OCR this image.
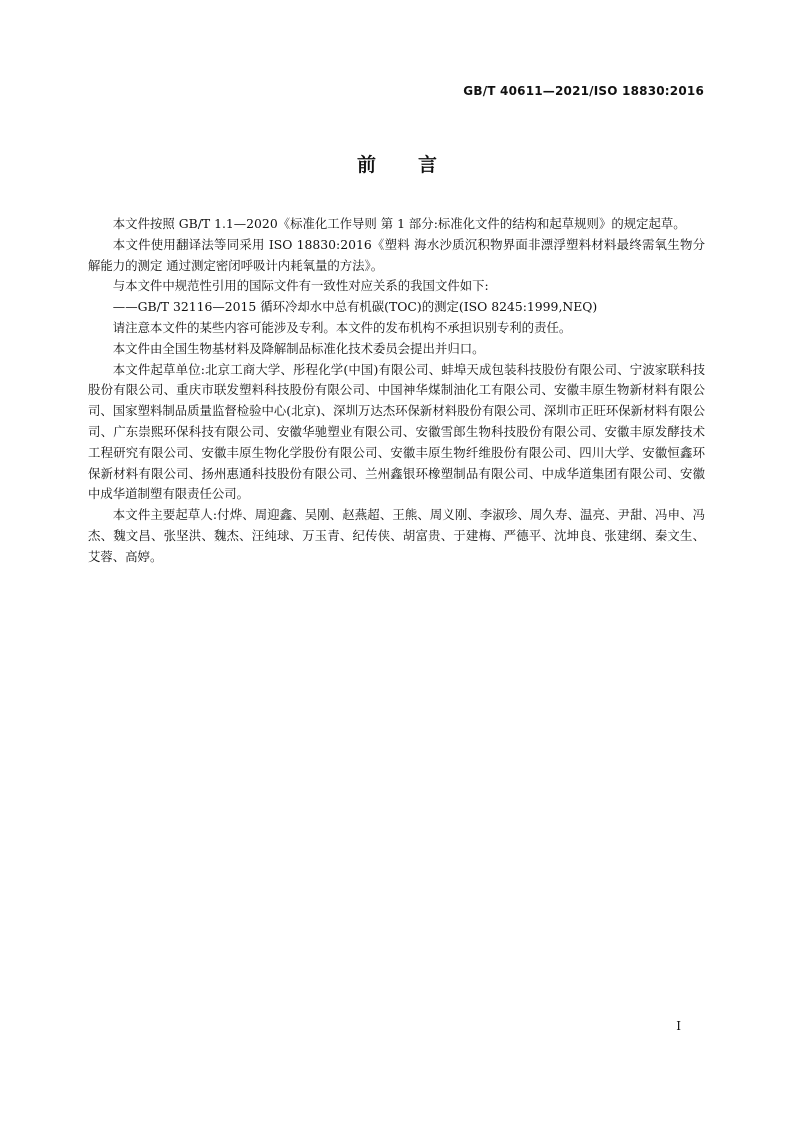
GB/T 40611—2021/ISO 18830:2016
前 言

本文件按照 GB/T 1.1—2020《标准化工作导则 第 1 部分:标准化文件的结构和起草规则》的规定起草。

本文件使用翻译法等同采用 ISO 18830:2016《塑料 海水沙质沉积物界面非漂浮塑料材料最终需氧生物分解能力的测定 通过测定密闭呼吸计内耗氧量的方法》。

与本文件中规范性引用的国际文件有一致性对应关系的我国文件如下:

——GB/T 32116—2015 循环冷却水中总有机碳(TOC)的测定(ISO 8245:1999,NEQ)

请注意本文件的某些内容可能涉及专利。本文件的发布机构不承担识别专利的责任。

本文件由全国生物基材料及降解制品标准化技术委员会提出并归口。

本文件起草单位:北京工商大学、彤程化学(中国)有限公司、蚌埠天成包装科技股份有限公司、宁波家联科技股份有限公司、重庆市联发塑料科技股份有限公司、中国神华煤制油化工有限公司、安徽丰原生物新材料有限公司、国家塑料制品质量监督检验中心(北京)、深圳万达杰环保新材料股份有限公司、深圳市正旺环保新材料有限公司、广东崇熙环保科技有限公司、安徽华驰塑业有限公司、安徽雪郎生物科技股份有限公司、安徽丰原发酵技术工程研究有限公司、安徽丰原生物化学股份有限公司、安徽丰原生物纤维股份有限公司、四川大学、安徽恒鑫环保新材料有限公司、扬州惠通科技股份有限公司、兰州鑫银环橡塑制品有限公司、中成华道集团有限公司、安徽中成华道制塑有限责任公司。

本文件主要起草人:付烨、周迎鑫、吴刚、赵燕超、王熊、周义刚、李淑珍、周久寿、温亮、尹甜、冯申、冯杰、魏文昌、张坚洪、魏杰、汪纯球、万玉青、纪传侠、胡富贵、于建梅、严德平、沈坤良、张建纲、秦文生、艾蓉、高婷。

I
